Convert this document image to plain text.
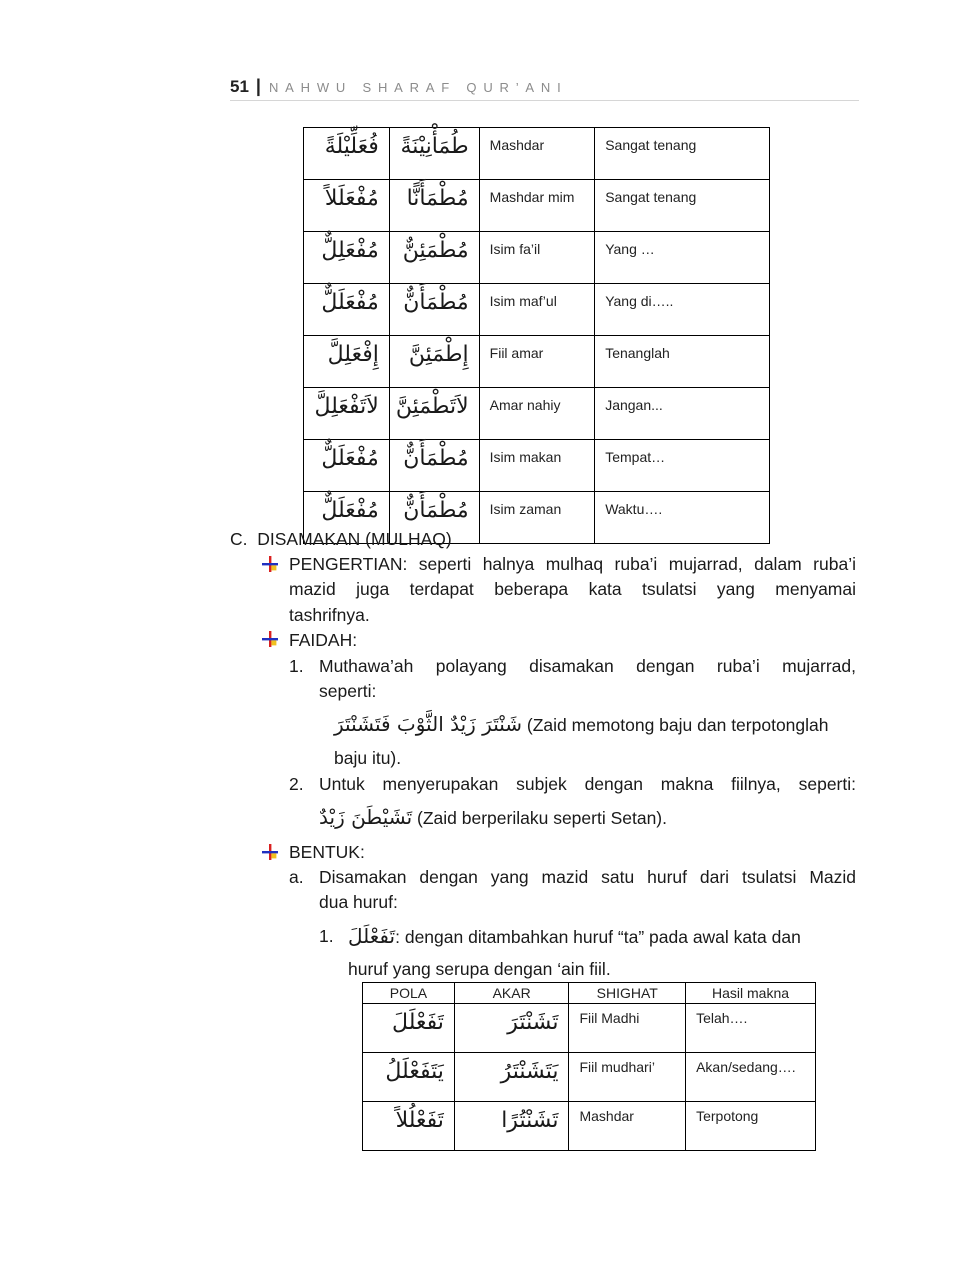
51 | NAHWU SHARAF QUR’ANI
فُعَلِّيْلَةً	طُمَأْنِيْنَةً	Mashdar	Sangat tenang
مُفْعَلَلاً	مُطْمَأَنًّا	Mashdar mim	Sangat tenang
مُفْعَلِلٌّ	مُطْمَئِنٌّ	Isim fa’il	Yang …
مُفْعَلَلٌّ	مُطْمَأَنٌّ	Isim maf’ul	Yang di…..
إِفْعَلِلَّ	إِطْمَئِنَّ	Fiil amar	Tenanglah
لاَتَفْعَلِلَّ	لاَتَطْمَئِنَّ	Amar nahiy	Jangan...
مُفْعَلَلٌّ	مُطْمَأَنٌّ	Isim makan	Tempat…
مُفْعَلَلٌّ	مُطْمَأَنٌّ	Isim zaman	Waktu….
C. DISAMAKAN (MULHAQ)
PENGERTIAN: seperti halnya mulhaq ruba’i mujarrad, dalam ruba’i
mazid juga terdapat beberapa kata tsulatsi yang menyamai
tashrifnya.
FAIDAH:
1. Muthawa’ah polayang disamakan dengan ruba’i mujarrad,
seperti:
شَنْتَرَ زَيْدٌ الثَّوْبَ فَتَشَنْتَرَ (Zaid memotong baju dan terpotonglah
baju itu).
2. Untuk menyerupakan subjek dengan makna fiilnya, seperti:
تَشَيْطَنَ زَيْدٌ (Zaid berperilaku seperti Setan).
BENTUK:
a. Disamakan dengan yang mazid satu huruf dari tsulatsi Mazid
dua huruf:
1. تَفَعْلَلَ: dengan ditambahkan huruf “ta” pada awal kata dan
huruf yang serupa dengan ‘ain fiil.
POLA	AKAR	SHIGHAT	Hasil makna
تَفَعْلَلَ	تَشَنْتَرَ	Fiil Madhi	Telah….
يَتَفَعْلَلُ	يَتَشَنْتَرُ	Fiil mudhari’	Akan/sedang….
تَفَعْلُلاً	تَشَنْتُرًا	Mashdar	Terpotong
